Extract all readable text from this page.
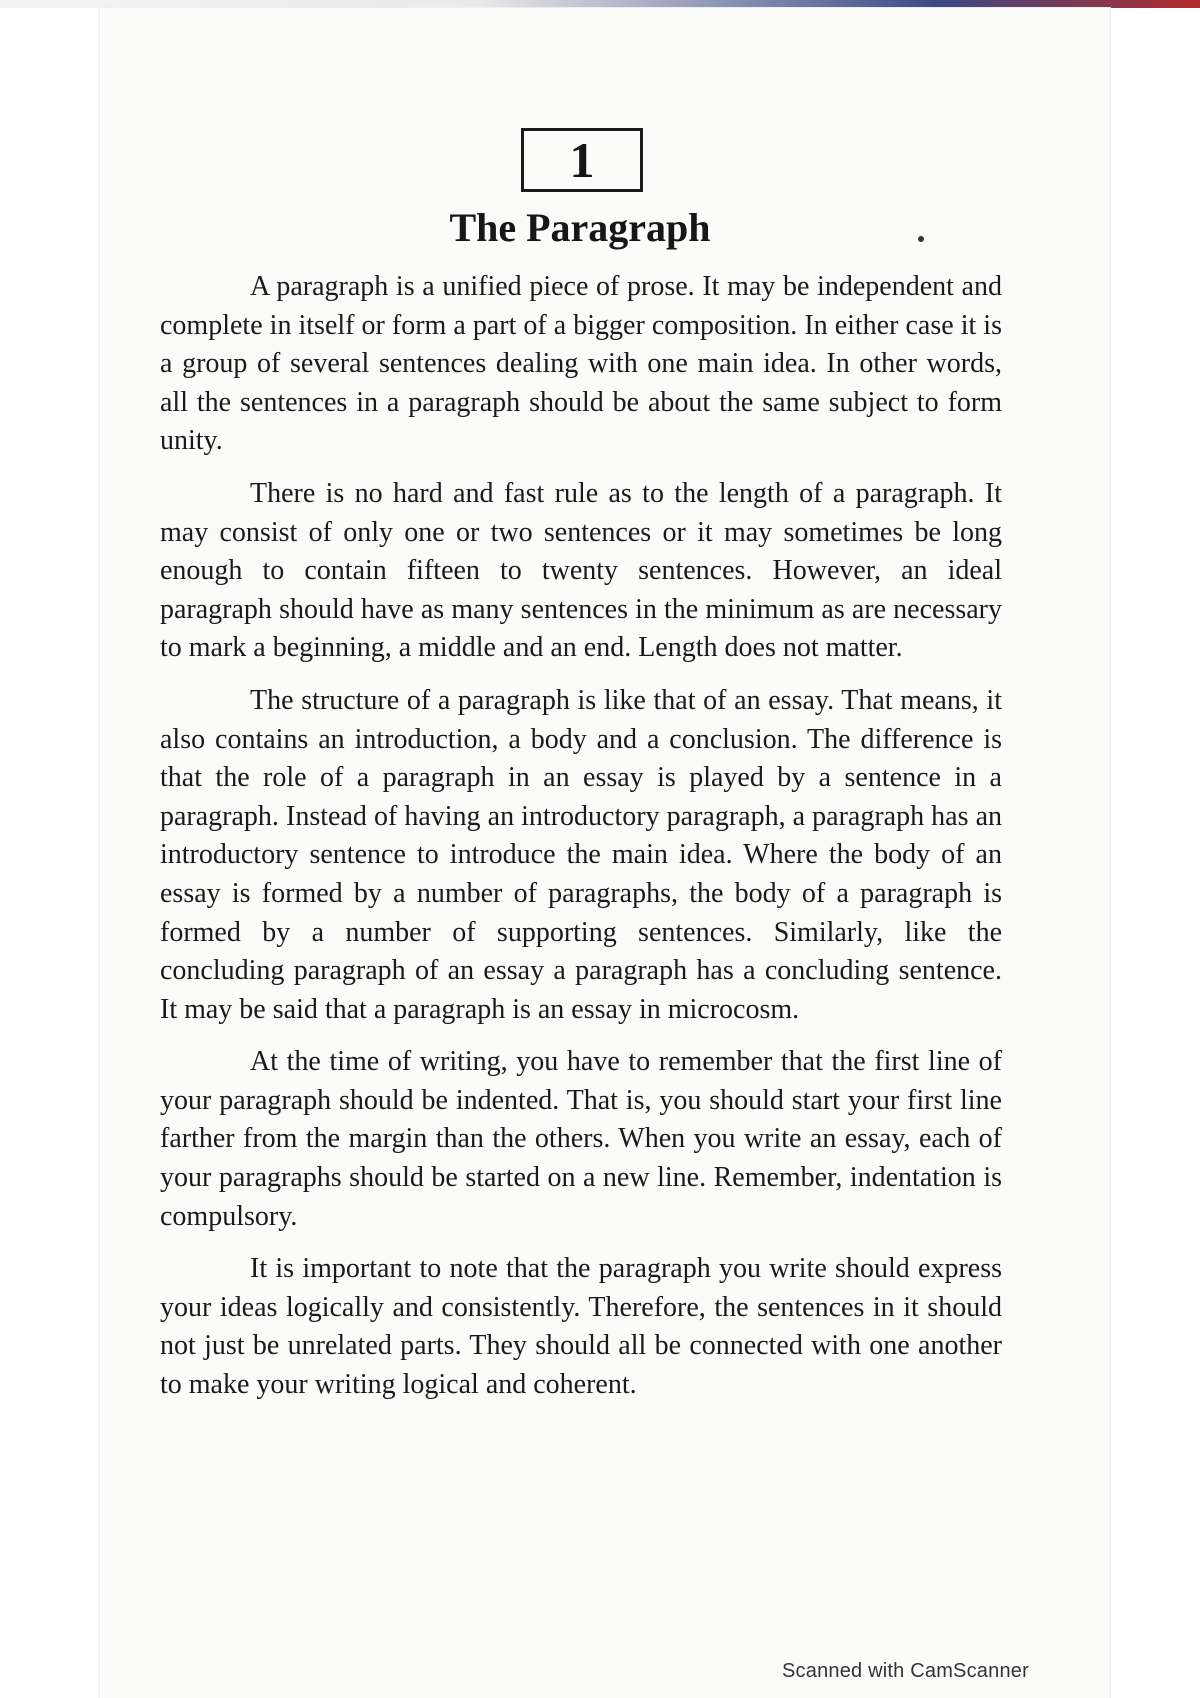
1
The Paragraph

A paragraph is a unified piece of prose. It may be independent and complete in itself or form a part of a bigger composition. In either case it is a group of several sentences dealing with one main idea. In other words, all the sentences in a paragraph should be about the same subject to form unity.

There is no hard and fast rule as to the length of a paragraph. It may consist of only one or two sentences or it may sometimes be long enough to contain fifteen to twenty sentences. However, an ideal paragraph should have as many sentences in the minimum as are necessary to mark a beginning, a middle and an end. Length does not matter.

The structure of a paragraph is like that of an essay. That means, it also contains an introduction, a body and a conclusion. The difference is that the role of a paragraph in an essay is played by a sentence in a paragraph. Instead of having an introductory paragraph, a paragraph has an introductory sentence to introduce the main idea. Where the body of an essay is formed by a number of paragraphs, the body of a paragraph is formed by a number of supporting sentences. Similarly, like the concluding paragraph of an essay a paragraph has a concluding sentence. It may be said that a paragraph is an essay in microcosm.

At the time of writing, you have to remember that the first line of your paragraph should be indented. That is, you should start your first line farther from the margin than the others. When you write an essay, each of your paragraphs should be started on a new line. Remember, indentation is compulsory.

It is important to note that the paragraph you write should express your ideas logically and consistently. Therefore, the sentences in it should not just be unrelated parts. They should all be connected with one another to make your writing logical and coherent.

Scanned with CamScanner
